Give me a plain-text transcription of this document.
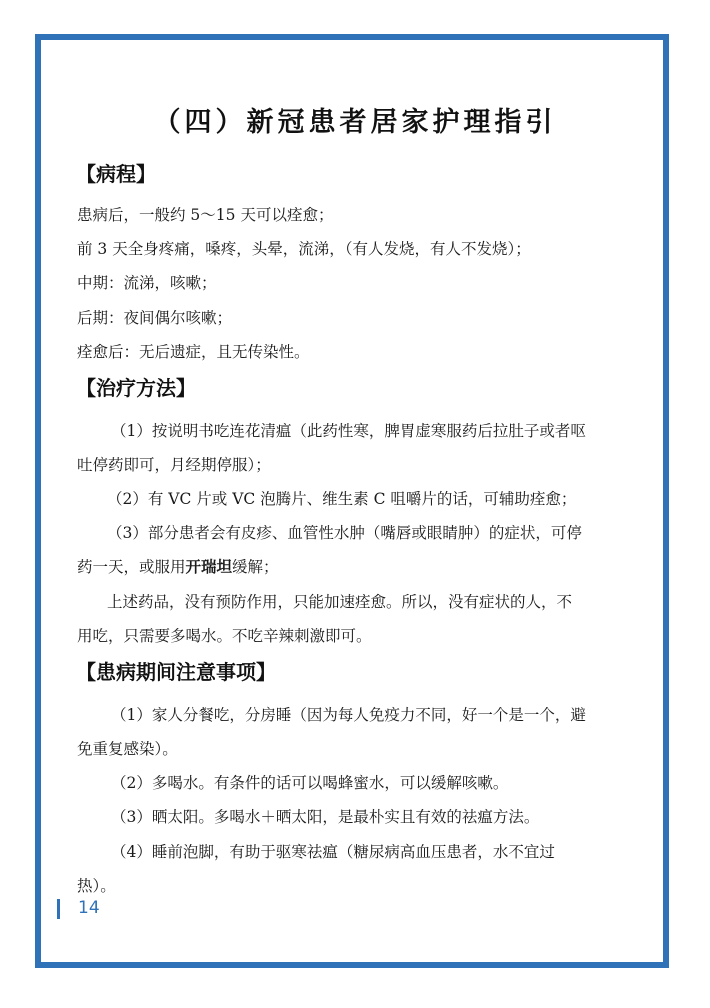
（四）新冠患者居家护理指引
【病程】
患病后，一般约 5～15 天可以痊愈；
前 3 天全身疼痛，嗓疼，头晕，流涕，（有人发烧，有人不发烧）；
中期：流涕，咳嗽；
后期：夜间偶尔咳嗽；
痊愈后：无后遗症，且无传染性。
【治疗方法】
（1）按说明书吃连花清瘟（此药性寒，脾胃虚寒服药后拉肚子或者呕
吐停药即可，月经期停服）；
（2）有 VC 片或 VC 泡腾片、维生素 C 咀嚼片的话，可辅助痊愈；
（3）部分患者会有皮疹、血管性水肿（嘴唇或眼睛肿）的症状，可停
药一天，或服用开瑞坦缓解；
上述药品，没有预防作用，只能加速痊愈。所以，没有症状的人，不
用吃，只需要多喝水。不吃辛辣刺激即可。
【患病期间注意事项】
（1）家人分餐吃，分房睡（因为每人免疫力不同，好一个是一个，避
免重复感染）。
（2）多喝水。有条件的话可以喝蜂蜜水，可以缓解咳嗽。
（3）晒太阳。多喝水＋晒太阳，是最朴实且有效的祛瘟方法。
（4）睡前泡脚，有助于驱寒祛瘟（糖尿病高血压患者，水不宜过
热）。
14
